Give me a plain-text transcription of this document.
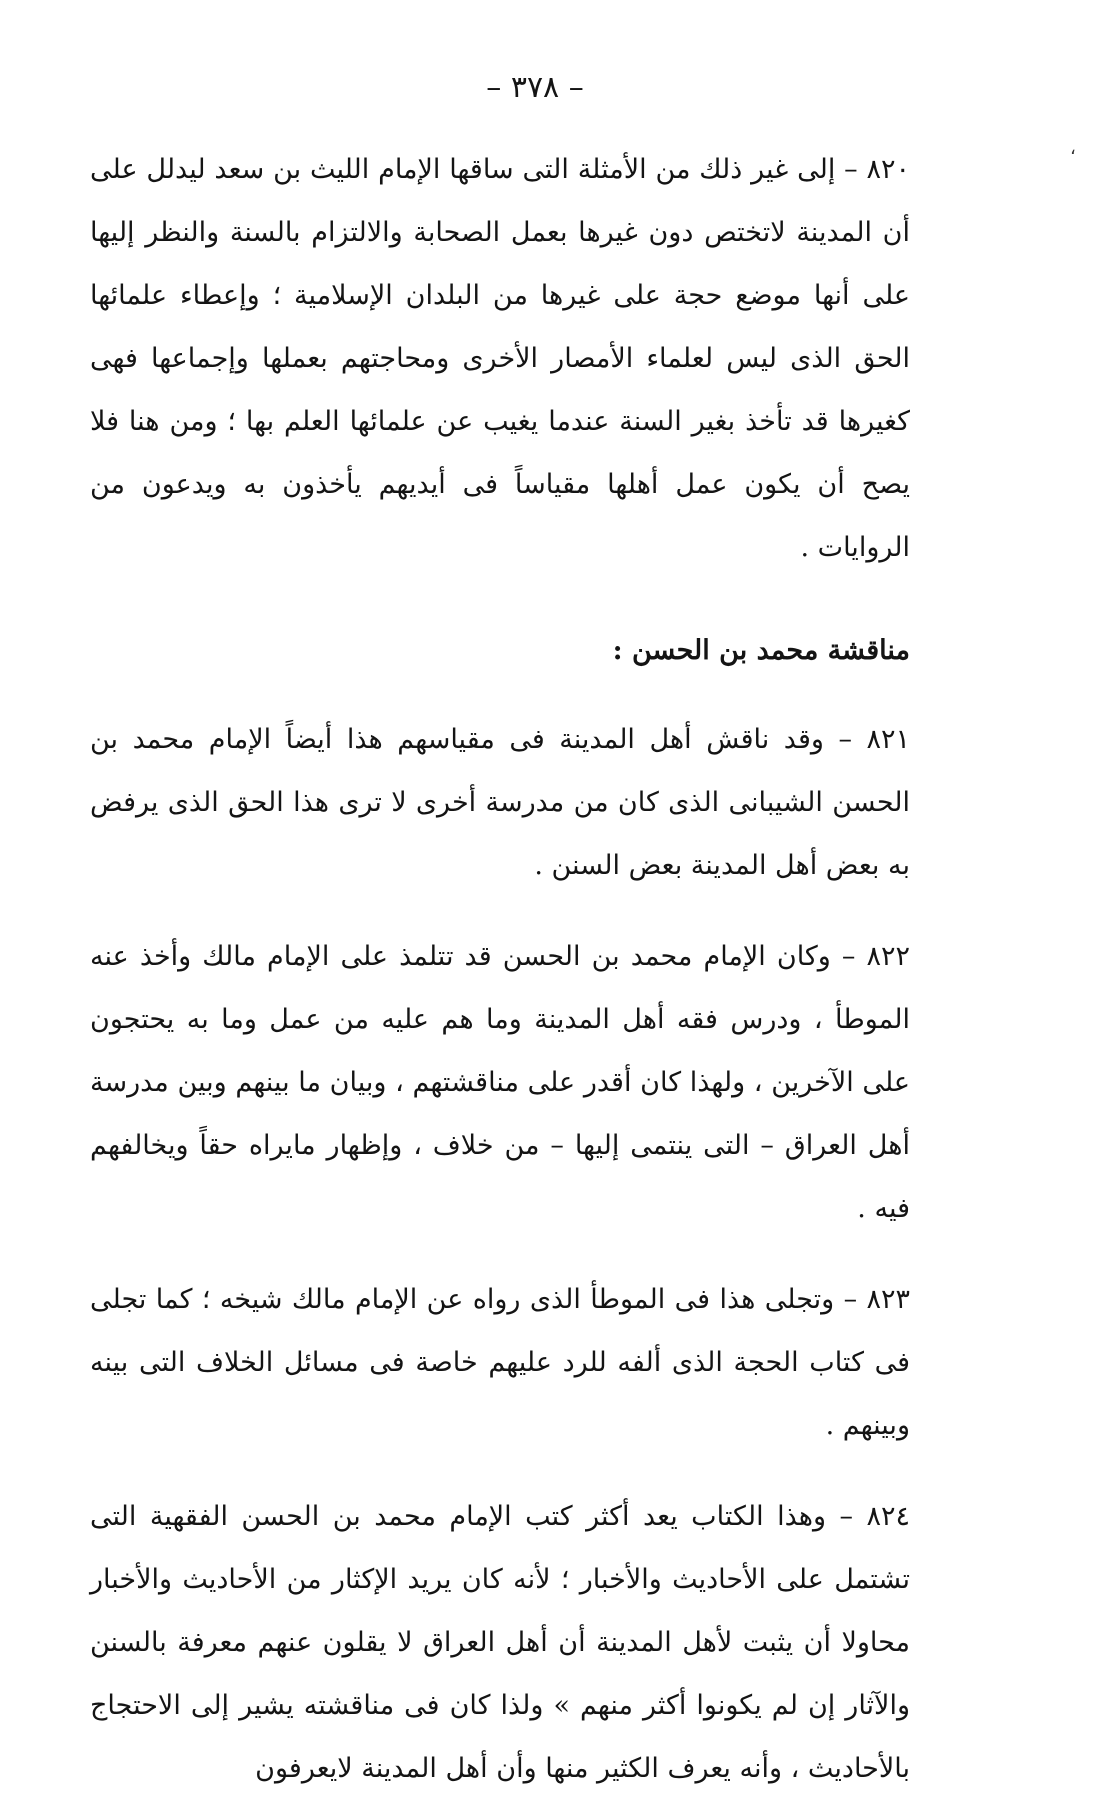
،
– ٣٧٨ –

٨٢٠ – إلى غير ذلك من الأمثلة التى ساقها الإمام الليث بن سعد ليدلل على أن المدينة لاتختص دون غيرها بعمل الصحابة والالتزام بالسنة والنظر إليها على أنها موضع حجة على غيرها من البلدان الإسلامية ؛ وإعطاء علمائها الحق الذى ليس لعلماء الأمصار الأخرى ومحاجتهم بعملها وإجماعها فهى كغيرها قد تأخذ بغير السنة عندما يغيب عن علمائها العلم بها ؛ ومن هنا فلا يصح أن يكون عمل أهلها مقياساً فى أيديهم يأخذون به ويدعون من الروايات .

مناقشة محمد بن الحسن :

٨٢١ – وقد ناقش أهل المدينة فى مقياسهم هذا أيضاً الإمام محمد بن الحسن الشيبانى الذى كان من مدرسة أخرى لا ترى هذا الحق الذى يرفض به بعض أهل المدينة بعض السنن .

٨٢٢ – وكان الإمام محمد بن الحسن قد تتلمذ على الإمام مالك وأخذ عنه الموطأ ، ودرس فقه أهل المدينة وما هم عليه من عمل وما به يحتجون على الآخرين ، ولهذا كان أقدر على مناقشتهم ، وبيان ما بينهم وبين مدرسة أهل العراق – التى ينتمى إليها – من خلاف ، وإظهار مايراه حقاً ويخالفهم فيه .

٨٢٣ – وتجلى هذا فى الموطأ الذى رواه عن الإمام مالك شيخه ؛ كما تجلى فى كتاب الحجة الذى ألفه للرد عليهم خاصة فى مسائل الخلاف التى بينه وبينهم .

٨٢٤ – وهذا الكتاب يعد أكثر كتب الإمام محمد بن الحسن الفقهية التى تشتمل على الأحاديث والأخبار ؛ لأنه كان يريد الإكثار من الأحاديث والأخبار محاولا أن يثبت لأهل المدينة أن أهل العراق لا يقلون عنهم معرفة بالسنن والآثار إن لم يكونوا أكثر منهم » ولذا كان فى مناقشته يشير إلى الاحتجاج بالأحاديث ، وأنه يعرف الكثير منها وأن أهل المدينة لايعرفون
